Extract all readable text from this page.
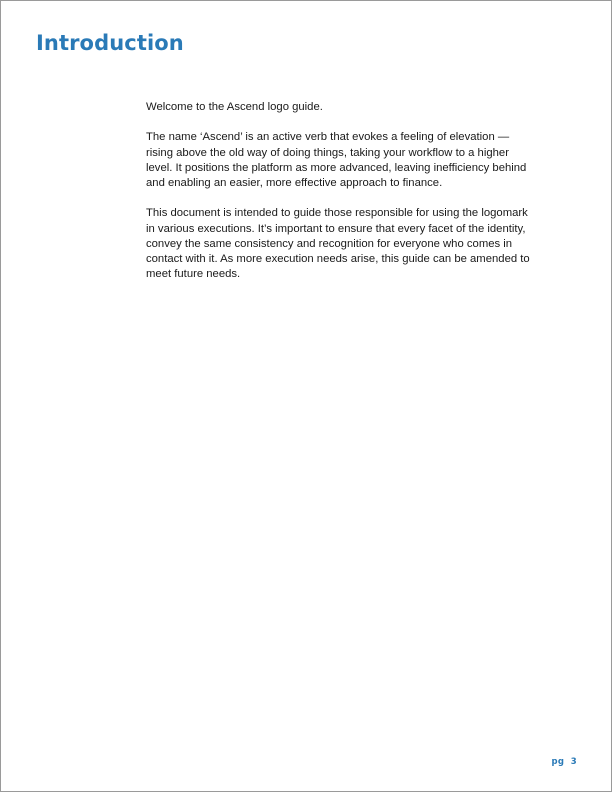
Introduction

Welcome to the Ascend logo guide.

The name ‘Ascend’ is an active verb that evokes a feeling of elevation — rising above the old way of doing things, taking your workflow to a higher level. It positions the platform as more advanced, leaving inefficiency behind and enabling an easier, more effective approach to finance.

This document is intended to guide those responsible for using the logomark in various executions. It’s important to ensure that every facet of the identity, convey the same consistency and recognition for everyone who comes in contact with it. As more execution needs arise, this guide can be amended to meet future needs.

pg 3
